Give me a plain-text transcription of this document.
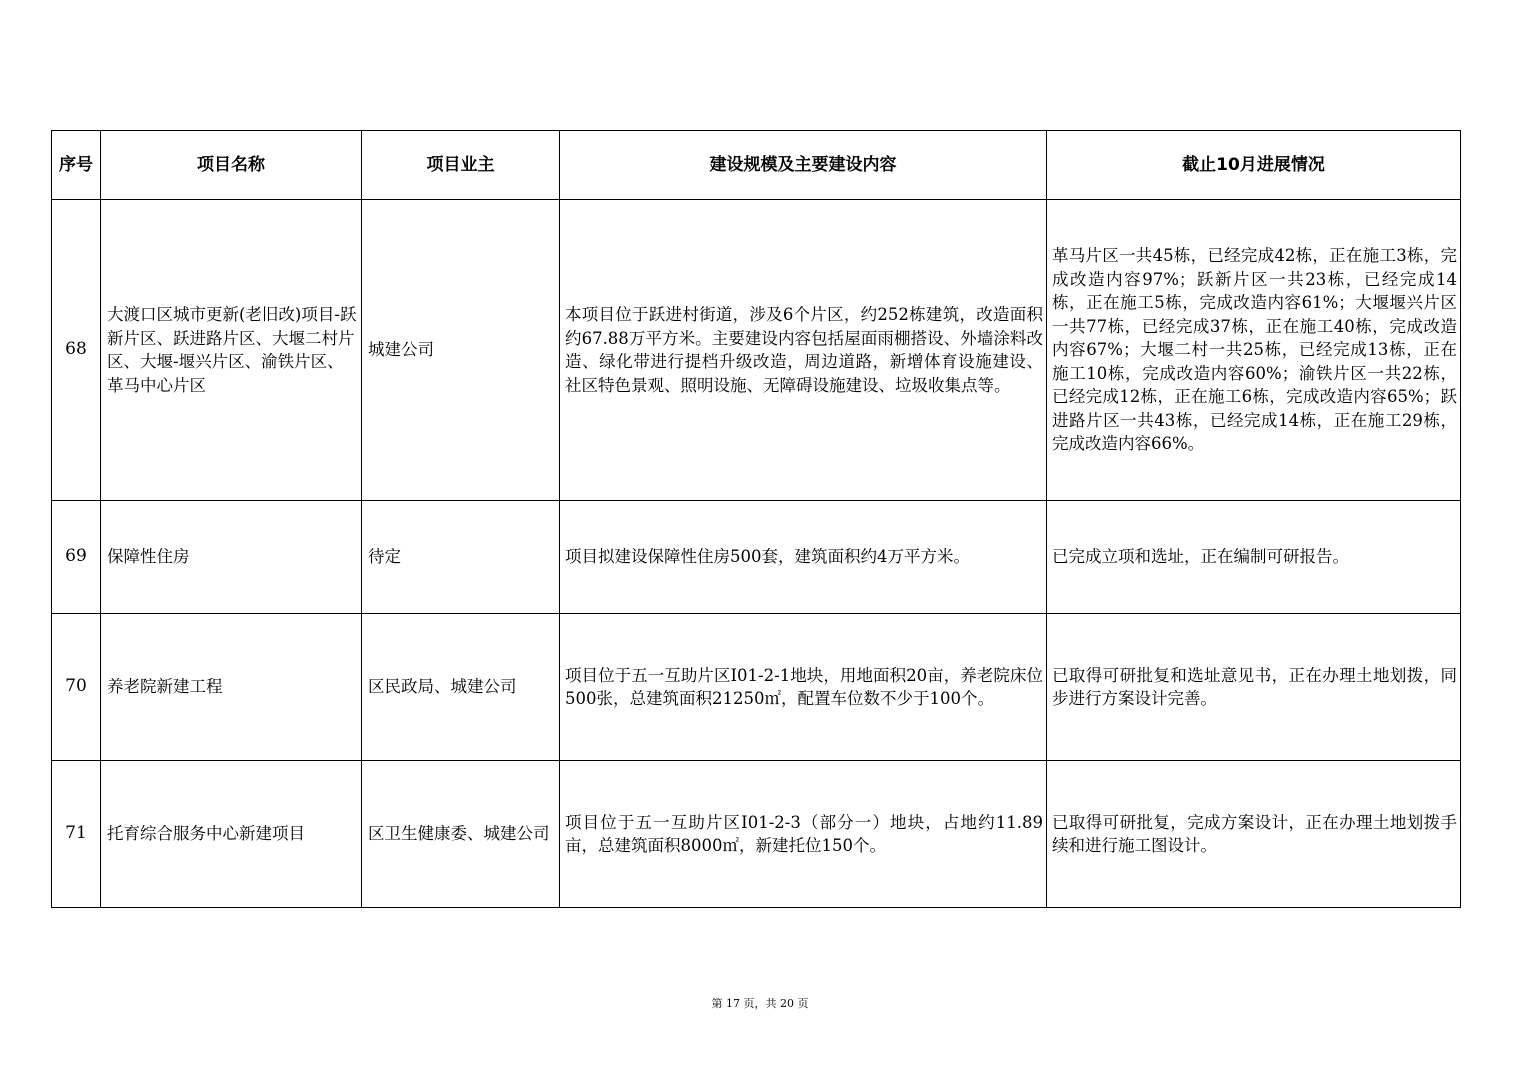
序号	项目名称	项目业主	建设规模及主要建设内容	截止10月进展情况
68	大渡口区城市更新(老旧改)项目-跃新片区、跃进路片区、大堰二村片区、大堰-堰兴片区、渝铁片区、革马中心片区	城建公司	本项目位于跃进村街道，涉及6个片区，约252栋建筑，改造面积约67.88万平方米。主要建设内容包括屋面雨棚搭设、外墙涂料改造、绿化带进行提档升级改造，周边道路，新增体育设施建设、社区特色景观、照明设施、无障碍设施建设、垃圾收集点等。	革马片区一共45栋，已经完成42栋，正在施工3栋，完成改造内容97%；跃新片区一共23栋，已经完成14栋，正在施工5栋，完成改造内容61%；大堰堰兴片区一共77栋，已经完成37栋，正在施工40栋，完成改造内容67%；大堰二村一共25栋，已经完成13栋，正在施工10栋，完成改造内容60%；渝铁片区一共22栋，已经完成12栋，正在施工6栋，完成改造内容65%；跃进路片区一共43栋，已经完成14栋，正在施工29栋，完成改造内容66%。
69	保障性住房	待定	项目拟建设保障性住房500套，建筑面积约4万平方米。	已完成立项和选址，正在编制可研报告。
70	养老院新建工程	区民政局、城建公司	项目位于五一互助片区I01-2-1地块，用地面积20亩，养老院床位500张，总建筑面积21250㎡，配置车位数不少于100个。	已取得可研批复和选址意见书，正在办理土地划拨，同步进行方案设计完善。
71	托育综合服务中心新建项目	区卫生健康委、城建公司	项目位于五一互助片区I01-2-3（部分一）地块，占地约11.89亩，总建筑面积8000㎡，新建托位150个。	已取得可研批复，完成方案设计，正在办理土地划拨手续和进行施工图设计。
第 17 页，共 20 页
